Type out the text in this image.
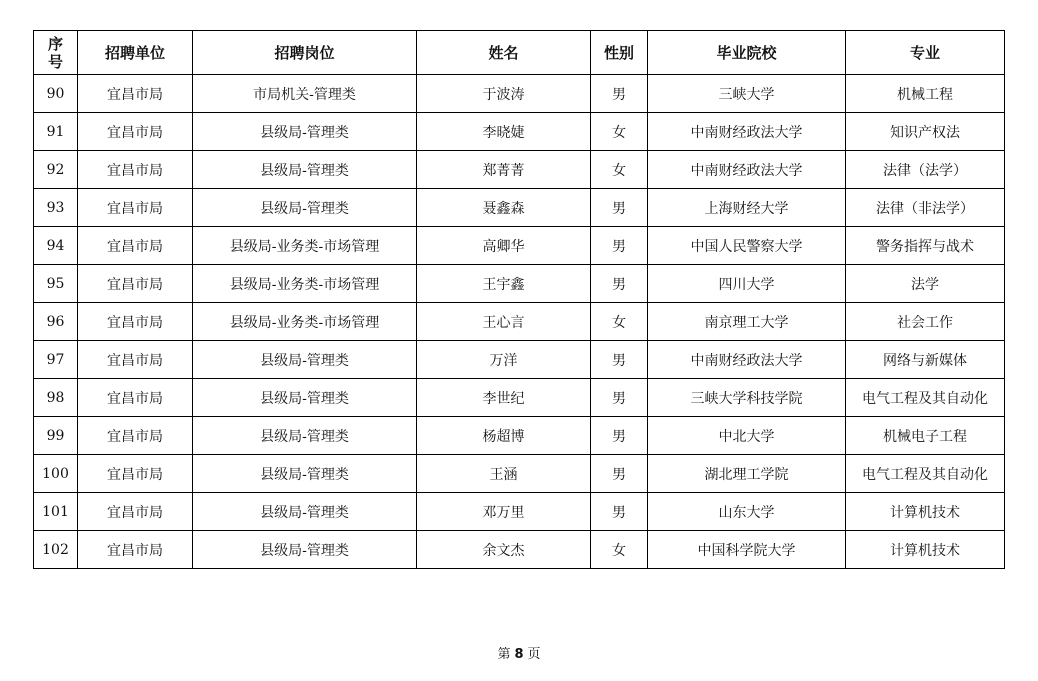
序
号	招聘单位	招聘岗位	姓名	性别	毕业院校	专业
90	宜昌市局	市局机关-管理类	于波涛	男	三峡大学	机械工程
91	宜昌市局	县级局-管理类	李晓婕	女	中南财经政法大学	知识产权法
92	宜昌市局	县级局-管理类	郑菁菁	女	中南财经政法大学	法律（法学）
93	宜昌市局	县级局-管理类	聂鑫森	男	上海财经大学	法律（非法学）
94	宜昌市局	县级局-业务类-市场管理	高卿华	男	中国人民警察大学	警务指挥与战术
95	宜昌市局	县级局-业务类-市场管理	王宇鑫	男	四川大学	法学
96	宜昌市局	县级局-业务类-市场管理	王心言	女	南京理工大学	社会工作
97	宜昌市局	县级局-管理类	万洋	男	中南财经政法大学	网络与新媒体
98	宜昌市局	县级局-管理类	李世纪	男	三峡大学科技学院	电气工程及其自动化
99	宜昌市局	县级局-管理类	杨超博	男	中北大学	机械电子工程
100	宜昌市局	县级局-管理类	王涵	男	湖北理工学院	电气工程及其自动化
101	宜昌市局	县级局-管理类	邓万里	男	山东大学	计算机技术
102	宜昌市局	县级局-管理类	余文杰	女	中国科学院大学	计算机技术
第 8 页
